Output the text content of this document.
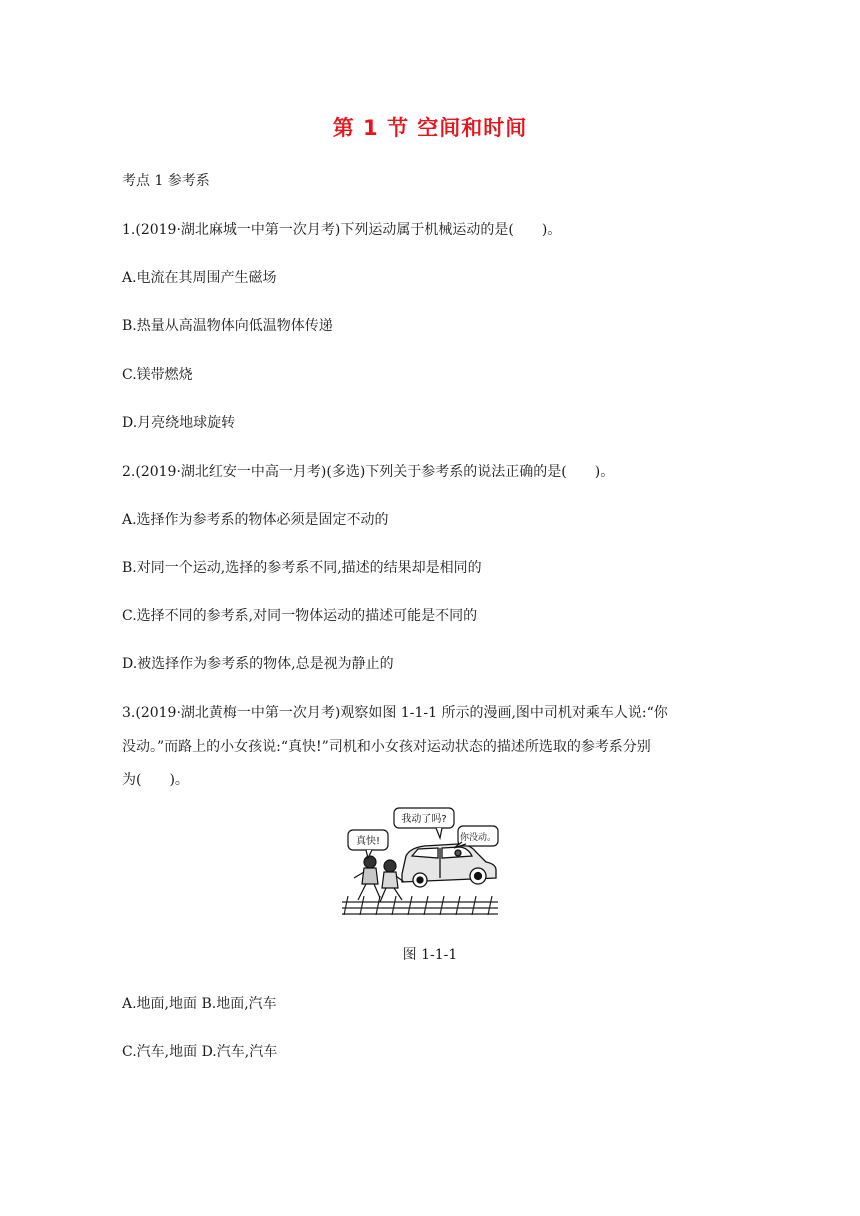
第 1 节 空间和时间
考点 1 参考系
1.(2019·湖北麻城一中第一次月考)下列运动属于机械运动的是(　　)。
A.电流在其周围产生磁场
B.热量从高温物体向低温物体传递
C.镁带燃烧
D.月亮绕地球旋转
2.(2019·湖北红安一中高一月考)(多选)下列关于参考系的说法正确的是(　　)。
A.选择作为参考系的物体必须是固定不动的
B.对同一个运动,选择的参考系不同,描述的结果却是相同的
C.选择不同的参考系,对同一物体运动的描述可能是不同的
D.被选择作为参考系的物体,总是视为静止的
3.(2019·湖北黄梅一中第一次月考)观察如图 1-1-1 所示的漫画,图中司机对乘车人说:“你
没动。”而路上的小女孩说:“真快!”司机和小女孩对运动状态的描述所选取的参考系分别
为(　　)。
真快!
我动了吗?
你没动。
图 1-1-1
A.地面,地面 B.地面,汽车
C.汽车,地面 D.汽车,汽车
